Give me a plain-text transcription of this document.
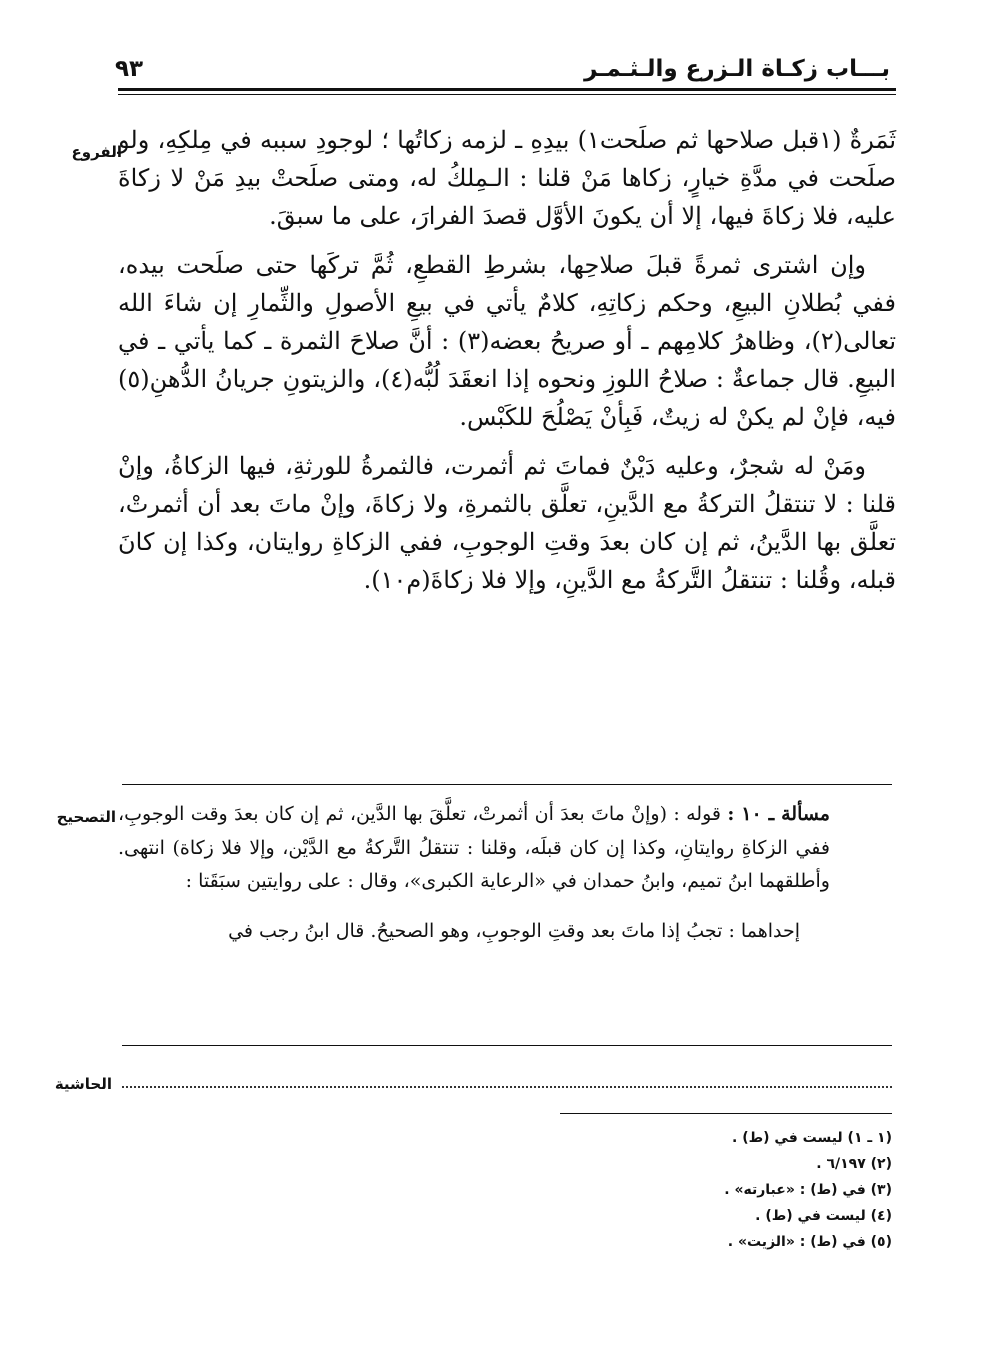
بـــاب زكـاة الـزرع والـثـمـر
٩٣
الفروع

ثَمَرةٌ (١قبل صلاحها ثم صلَحت١) بيدِهِ ـ لزمه زكاتُها ؛ لوجودِ سببه في مِلكِهِ، ولو صلَحت في مدَّةِ خيارٍ، زكاها مَنْ قلنا : الـمِلكُ له، ومتى صلَحتْ بيدِ مَنْ لا زكاةَ عليه، فلا زكاةَ فيها، إلا أن يكونَ الأوَّل قصدَ الفرارَ، على ما سبقَ.

وإن اشترى ثمرةً قبلَ صلاحِها، بشرطِ القطعِ، ثُمَّ تركَها حتى صلَحت بيده، ففي بُطلانِ البيعِ، وحكم زكاتِهِ، كلامٌ يأتي في بيعِ الأصولِ والثِّمارِ إن شاءَ الله تعالى(٢)، وظاهرُ كلامِهم ـ أو صريحُ بعضه(٣) : أنَّ صلاحَ الثمرة ـ كما يأتي ـ في البيعِ. قال جماعةٌ : صلاحُ اللوزِ ونحوه إذا انعقَدَ لُبُّه(٤)، والزيتونِ جريانُ الدُّهنِ(٥) فيه، فإنْ لم يكنْ له زيتٌ، فَبِأنْ يَصْلُحَ للكَبْس.

ومَنْ له شجرٌ، وعليه دَيْنٌ فماتَ ثم أثمرت، فالثمرةُ للورثةِ، فيها الزكاةُ، وإنْ قلنا : لا تنتقلُ التركةُ مع الدَّينِ، تعلَّق بالثمرةِ، ولا زكاةَ، وإنْ ماتَ بعد أن أثمرتْ، تعلَّق بها الدَّينُ، ثم إن كان بعدَ وقتِ الوجوبِ، ففي الزكاةِ روايتان، وكذا إن كانَ قبله، وقُلنا : تنتقلُ التَّركةُ مع الدَّينِ، وإلا فلا زكاةَ(م١٠).

التصحيح	مسألة ـ ١٠ : قوله : (وإنْ ماتَ بعدَ أن أثمرتْ، تعلَّقَ بها الدَّين، ثم إن كان بعدَ وقت الوجوبِ، ففي الزكاةِ روايتانِ، وكذا إن كان قبلَه، وقلنا : تنتقلُ التَّركةُ مع الدَّيْن، وإلا فلا زكاة) انتهى. وأطلقهما ابنُ تميم، وابنُ حمدان في «الرعاية الكبرى»، وقال : على روايتين سبَقَتا :

إحداهما : تجبُ إذا ماتَ بعد وقتِ الوجوبِ، وهو الصحيحُ. قال ابنُ رجب في

الحاشية
(١ ـ ١) ليست في (ط) .
(٢) ٦/١٩٧ .
(٣) في (ط) : «عبارته» .
(٤) ليست في (ط) .
(٥) في (ط) : «الزيت» .
